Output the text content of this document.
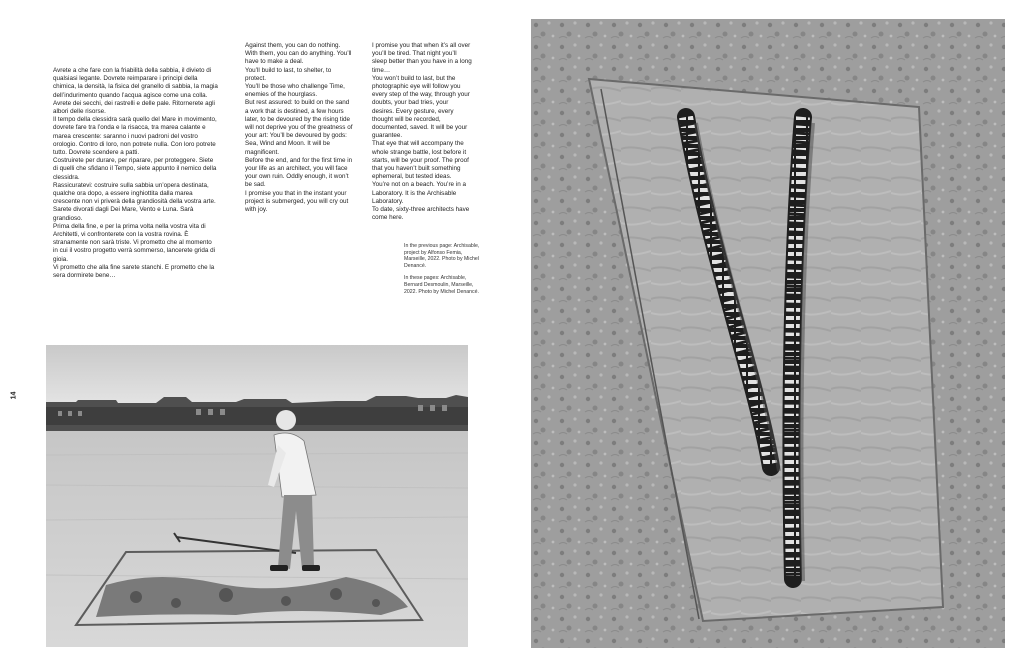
Avrete a che fare con la friabilità della sabbia, il divieto di qualsiasi legante. Dovrete reimparare i principi della chimica, la densità, la fisica del granello di sabbia, la magia dell’indurimento quando l’acqua agisce come una colla. Avrete dei secchi, dei rastrelli e delle pale. Ritornerete agli albori delle risorse.

Il tempo della clessidra sarà quello del Mare in movimento, dovrete fare tra l’onda e la risacca, tra marea calante e marea crescente: saranno i nuovi padroni del vostro orologio. Contro di loro, non potrete nulla. Con loro potrete tutto. Dovrete scendere a patti.

Costruirete per durare, per riparare, per proteggere. Siete di quelli che sfidano il Tempo, siete appunto il nemico della clessidra.

Rassicuratevi: costruire sulla sabbia un’opera destinata, qualche ora dopo, a essere inghiottita dalla marea crescente non vi priverà della grandiosità della vostra arte. Sarete divorati dagli Dei Mare, Vento e Luna. Sarà grandioso.

Prima della fine, e per la prima volta nella vostra vita di Architetti, vi confronterete con la vostra rovina. È stranamente non sarà triste. Vi prometto che al momento in cui il vostro progetto verrà sommerso, lancerete grida di gioia.

Vi prometto che alla fine sarete stanchi. E prometto che la sera dormirete bene…

Against them, you can do nothing. With them, you can do anything. You’ll have to make a deal.

You’ll build to last, to shelter, to protect.

You’ll be those who challenge Time, enemies of the hourglass.

But rest assured: to build on the sand a work that is destined, a few hours later, to be devoured by the rising tide will not deprive you of the greatness of your art: You’ll be devoured by gods: Sea, Wind and Moon. It will be magnificent.

Before the end, and for the first time in your life as an architect, you will face your own ruin. Oddly enough, it won’t be sad.

I promise you that in the instant your project is submerged, you will cry out with joy.

I promise you that when it’s all over you’ll be tired. That night you’ll sleep better than you have in a long time…

You won’t build to last, but the photographic eye will follow you every step of the way, through your doubts, your bad tries, your desires. Every gesture, every thought will be recorded, documented, saved. It will be your guarantee.

That eye that will accompany the whole strange battle, lost before it starts, will be your proof. The proof that you haven’t built something ephemeral, but tested ideas.

You’re not on a beach. You’re in a Laboratory. It is the Archisable Laboratory.

To date, sixty-three architects have come here.

In the previous page: Archisable, project by Alfonso Femia, Marseille, 2022. Photo by Michel Denancé.

In these pages: Archisable, Bernard Desmoulin, Marseille, 2022. Photo by Michel Denancé.

14
